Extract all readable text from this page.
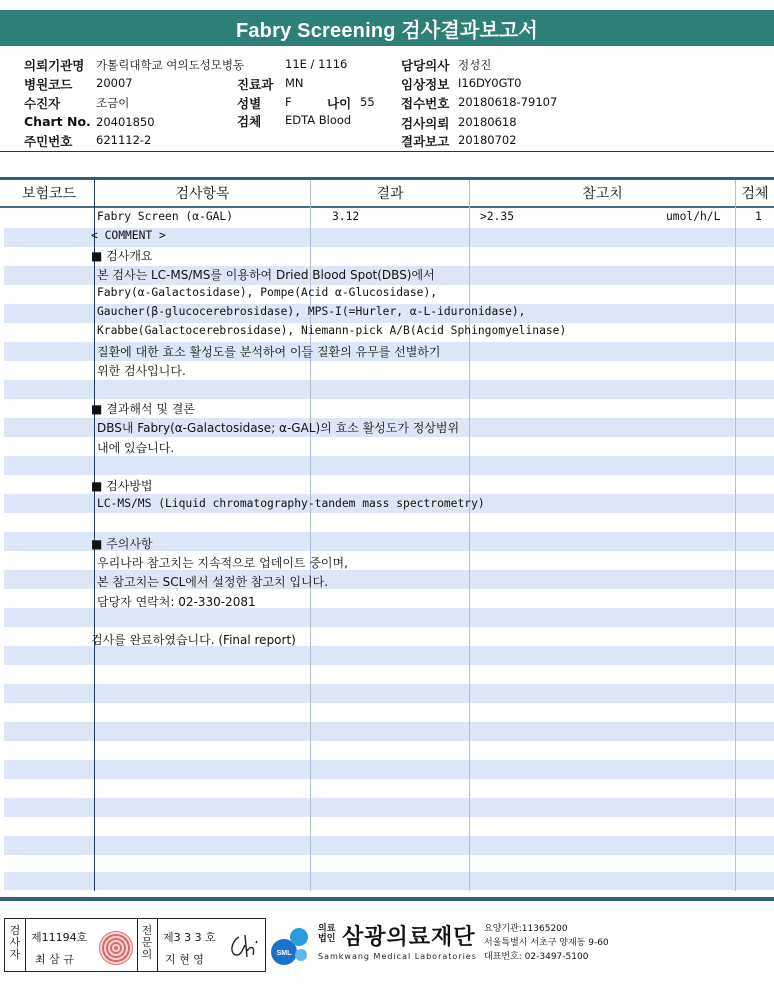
Fabry Screening 검사결과보고서
의뢰기관명 가톨릭대학교 여의도성모병동	11E / 1116	담당의사 정성진
병원코드 20007	진료과 MN	임상정보 I16DY0GT0
수진자	조금이	성별 F	나이 55 접수번호 20180618-79107
Chart No. 20401850	검체 EDTA Blood	검사의뢰 20180618
주민번호 621112-2	결과보고 20180702
보험코드	검사항목	결과	참고치	검체
Fabry Screen (α-GAL)	3.12	>2.35	umol/h/L	1
< COMMENT >
■ 검사개요
본 검사는 LC-MS/MS를 이용하여 Dried Blood Spot(DBS)에서
Fabry(α-Galactosidase), Pompe(Acid α-Glucosidase),
Gaucher(β-glucocerebrosidase), MPS-I(=Hurler, α-L-iduronidase),
Krabbe(Galactocerebrosidase), Niemann-pick A/B(Acid Sphingomyelinase)
질환에 대한 효소 활성도를 분석하여 이들 질환의 유무를 선별하기
위한 검사입니다.
■ 결과해석 및 결론
DBS내 Fabry(α-Galactosidase; α-GAL)의 효소 활성도가 정상범위
내에 있습니다.
■ 검사방법
LC-MS/MS (Liquid chromatography-tandem mass spectrometry)
■ 주의사항
우리나라 참고치는 지속적으로 업데이트 중이며,
본 참고치는 SCL에서 설정한 참고치 입니다.
담당자 연락처: 02-330-2081
검사를 완료하였습니다. (Final report)
검
사
자
제11194호
최 삼 규
전
문
의
제3 3 3 호
지 현 영	SML
의료법인 삼광의료재단
Samkwang Medical Laboratories
요양기관:11365200
서울특별시 서초구 양재동 9-60
대표번호: 02-3497-5100
